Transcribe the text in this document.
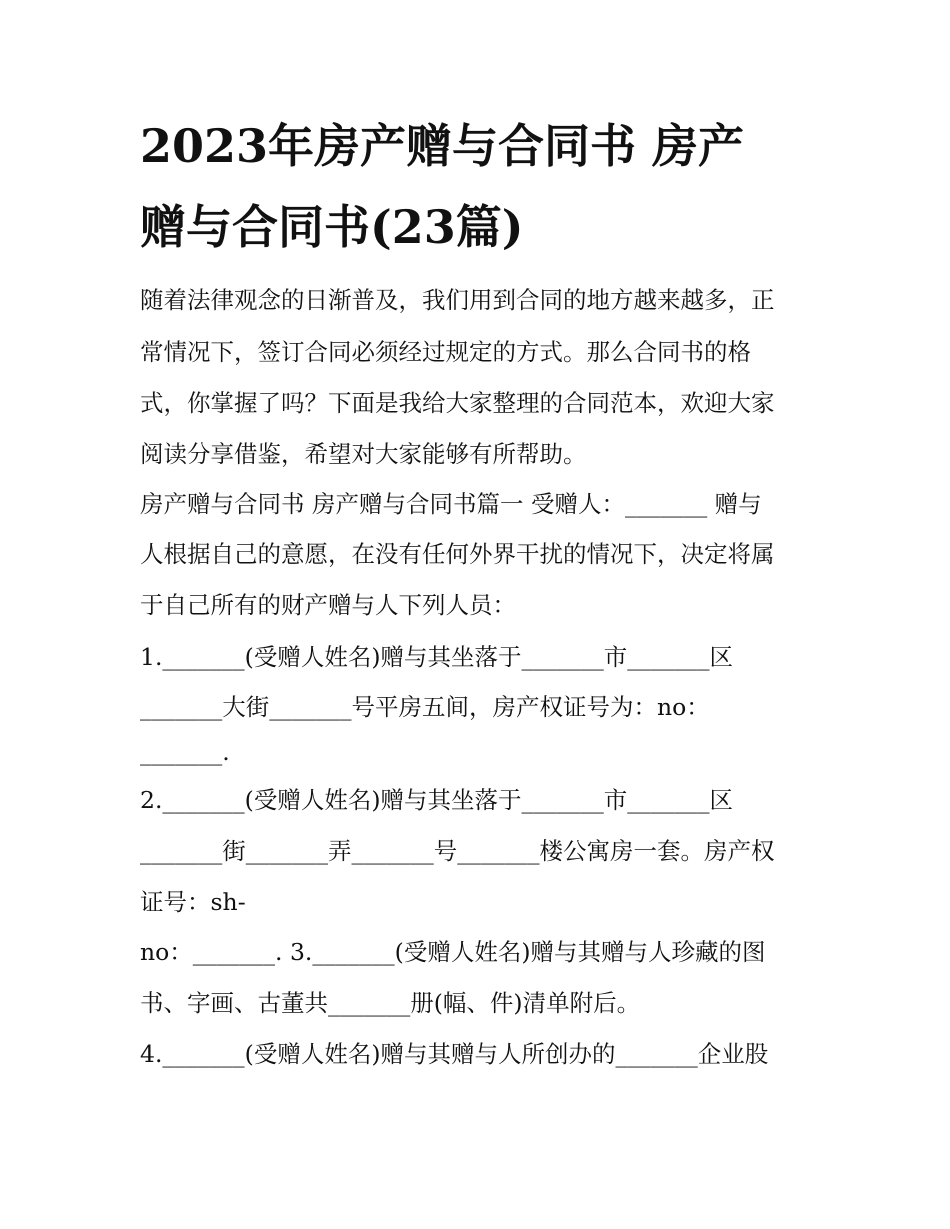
2023年房产赠与合同书 房产
赠与合同书(23篇)

随着法律观念的日渐普及，我们用到合同的地方越来越多，正

常情况下，签订合同必须经过规定的方式。那么合同书的格

式，你掌握了吗？下面是我给大家整理的合同范本，欢迎大家

阅读分享借鉴，希望对大家能够有所帮助。

房产赠与合同书 房产赠与合同书篇一 受赠人：_______ 赠与

人根据自己的意愿，在没有任何外界干扰的情况下，决定将属

于自己所有的财产赠与人下列人员：

1._______(受赠人姓名)赠与其坐落于_______市_______区

_______大街_______号平房五间，房产权证号为：no：

_______.

2._______(受赠人姓名)赠与其坐落于_______市_______区

_______街_______弄_______号_______楼公寓房一套。房产权

证号：sh-

no：_______. 3._______(受赠人姓名)赠与其赠与人珍藏的图

书、字画、古董共_______册(幅、件)清单附后。

4._______(受赠人姓名)赠与其赠与人所创办的_______企业股
